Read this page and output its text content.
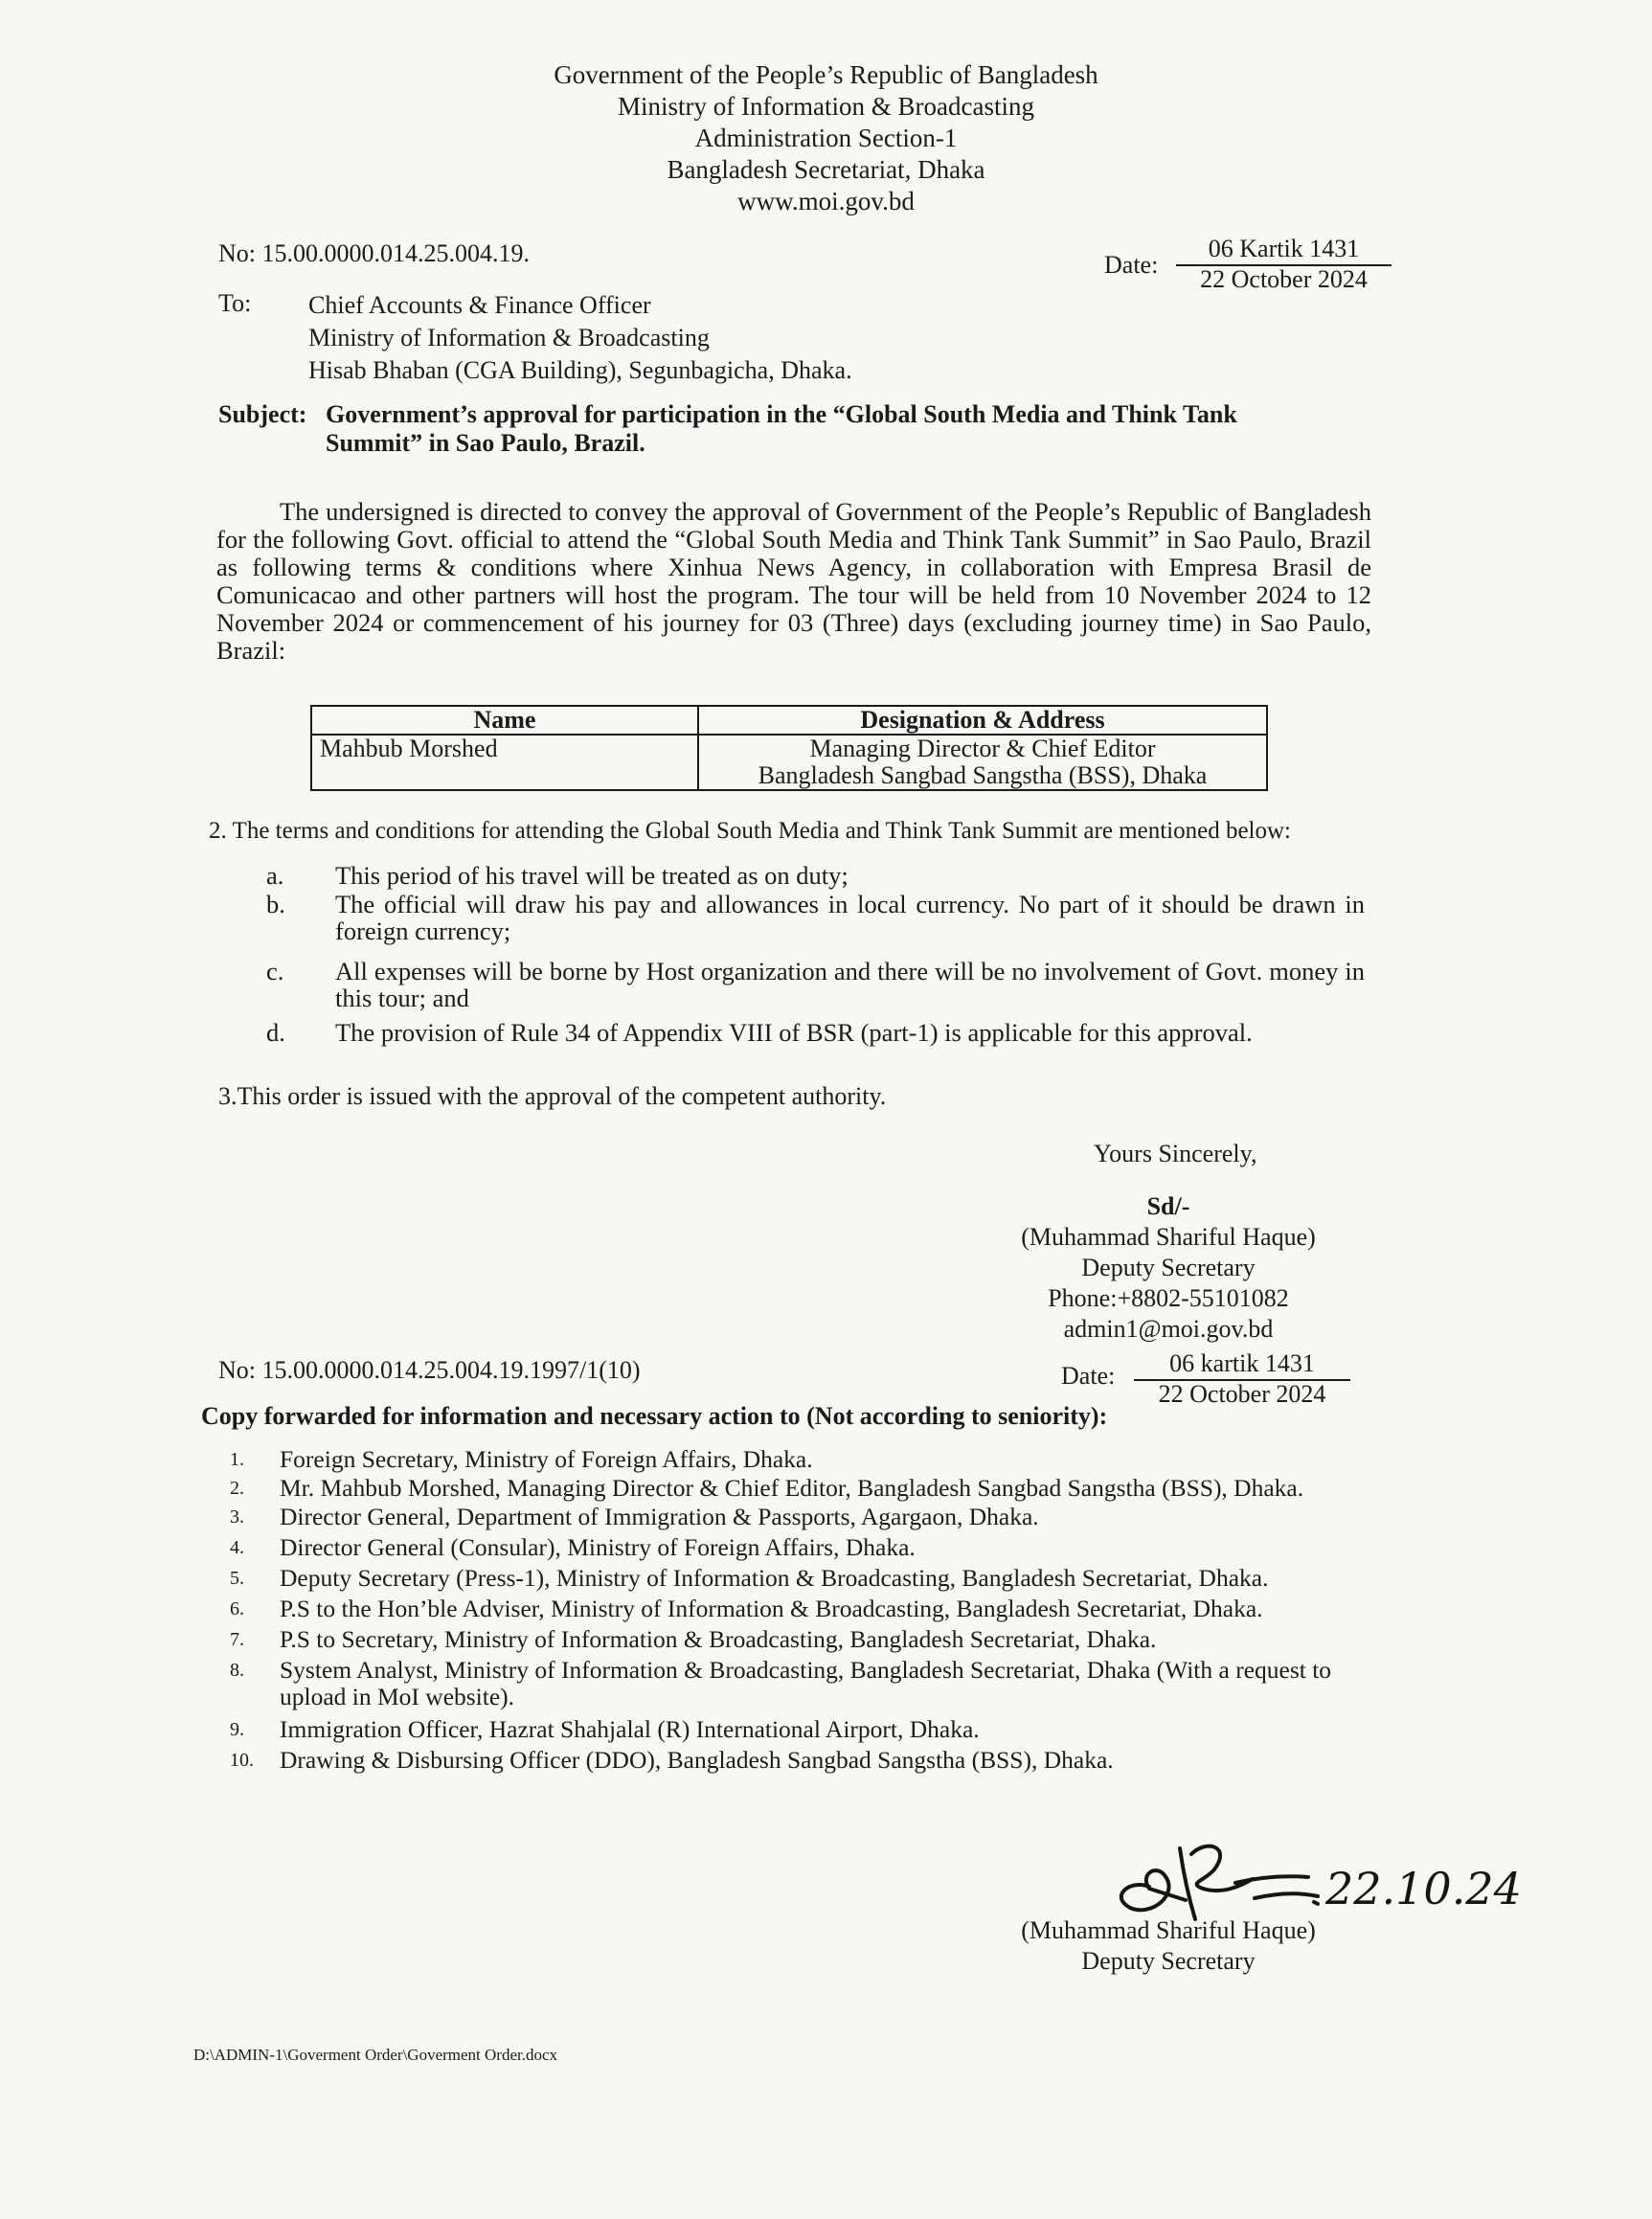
Government of the People’s Republic of Bangladesh
Ministry of Information & Broadcasting
Administration Section-1
Bangladesh Secretariat, Dhaka
www.moi.gov.bd
No: 15.00.0000.014.25.004.19.	Date:
06 Kartik 1431
22 October 2024
To: Chief Accounts & Finance Officer
Ministry of Information & Broadcasting
Hisab Bhaban (CGA Building), Segunbagicha, Dhaka.
Subject: Government’s approval for participation in the “Global South Media and Think Tank
Summit” in Sao Paulo, Brazil.
The undersigned is directed to convey the approval of Government of the People’s Republic of Bangladesh for the following Govt. official to attend the “Global South Media and Think Tank Summit” in Sao Paulo, Brazil as following terms & conditions where Xinhua News Agency, in collaboration with Empresa Brasil de Comunicacao and other partners will host the program. The tour will be held from 10 November 2024 to 12 November 2024 or commencement of his journey for 03 (Three) days (excluding journey time) in Sao Paulo, Brazil:
Name	Designation & Address
Mahbub Morshed	Managing Director & Chief Editor
Bangladesh Sangbad Sangstha (BSS), Dhaka
2. The terms and conditions for attending the Global South Media and Think Tank Summit are mentioned below:
a. This period of his travel will be treated as on duty;
b. The official will draw his pay and allowances in local currency. No part of it should be drawn in foreign currency;
c. All expenses will be borne by Host organization and there will be no involvement of Govt. money in this tour; and
d. The provision of Rule 34 of Appendix VIII of BSR (part-1) is applicable for this approval.
3.This order is issued with the approval of the competent authority.
Yours Sincerely,
Sd/-
(Muhammad Shariful Haque)
Deputy Secretary
Phone:+8802-55101082
admin1@moi.gov.bd
No: 15.00.0000.014.25.004.19.1997/1(10)	Date:	06 kartik 1431
22 October 2024
Copy forwarded for information and necessary action to (Not according to seniority):
1.	Foreign Secretary, Ministry of Foreign Affairs, Dhaka.
2.	Mr. Mahbub Morshed, Managing Director & Chief Editor, Bangladesh Sangbad Sangstha (BSS), Dhaka.
3.	Director General, Department of Immigration & Passports, Agargaon, Dhaka.
4.	Director General (Consular), Ministry of Foreign Affairs, Dhaka.
5.	Deputy Secretary (Press-1), Ministry of Information & Broadcasting, Bangladesh Secretariat, Dhaka.
6.	P.S to the Hon’ble Adviser, Ministry of Information & Broadcasting, Bangladesh Secretariat, Dhaka.
7.	P.S to Secretary, Ministry of Information & Broadcasting, Bangladesh Secretariat, Dhaka.
8.	System Analyst, Ministry of Information & Broadcasting, Bangladesh Secretariat, Dhaka (With a request to upload in MoI website).
9.	Immigration Officer, Hazrat Shahjalal (R) International Airport, Dhaka.
10.	Drawing & Disbursing Officer (DDO), Bangladesh Sangbad Sangstha (BSS), Dhaka.
22.10.24
(Muhammad Shariful Haque)
Deputy Secretary
D:\ADMIN-1\Goverment Order\Goverment Order.docx
